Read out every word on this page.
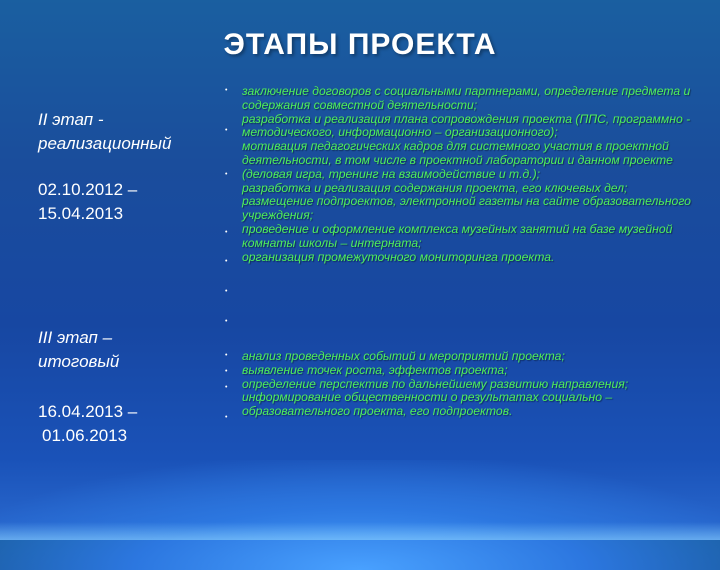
ЭТАПЫ ПРОЕКТА
II этап -
реализационный
02.10.2012 –
15.04.2013
III этап –
итоговый
16.04.2013 –
01.06.2013
•
•
•
•
•
•
•
•
•
•
•

заключение договоров с социальными партнерами, определение предмета и содержания совместной деятельности;

разработка и реализация плана сопровождения проекта (ППС, программно - методического, информационно – организационного);

мотивация педагогических кадров для системного участия в проектной деятельности, в том числе в проектной лаборатории и данном проекте (деловая игра, тренинг на взаимодействие и т.д.);

разработка и реализация содержания проекта, его ключевых дел;

размещение подпроектов, электронной газеты на сайте образовательного учреждения;

проведение и оформление комплекса музейных занятий на базе музейной комнаты школы – интерната;

организация промежуточного мониторинга проекта.

анализ проведенных событий и мероприятий проекта;

выявление точек роста, эффектов проекта;

определение перспектив по дальнейшему развитию направления;

информирование общественности о результатах социально – образовательного проекта, его подпроектов.
